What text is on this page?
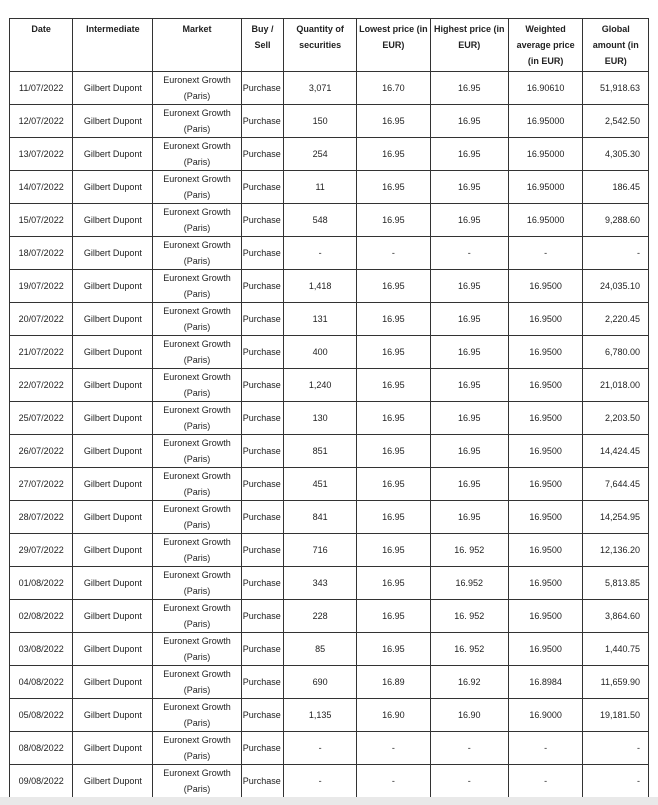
Date	Intermediate	Market	Buy / Sell	Quantity of securities	Lowest price (in EUR)	Highest price (in EUR)	Weighted average price (in EUR)	Global amount (in EUR)
11/07/2022	Gilbert Dupont	Euronext Growth (Paris)	Purchase	3,071	16.70	16.95	16.90610	51,918.63
12/07/2022	Gilbert Dupont	Euronext Growth (Paris)	Purchase	150	16.95	16.95	16.95000	2,542.50
13/07/2022	Gilbert Dupont	Euronext Growth (Paris)	Purchase	254	16.95	16.95	16.95000	4,305.30
14/07/2022	Gilbert Dupont	Euronext Growth (Paris)	Purchase	11	16.95	16.95	16.95000	186.45
15/07/2022	Gilbert Dupont	Euronext Growth (Paris)	Purchase	548	16.95	16.95	16.95000	9,288.60
18/07/2022	Gilbert Dupont	Euronext Growth (Paris)	Purchase	-	-	-	-	-
19/07/2022	Gilbert Dupont	Euronext Growth (Paris)	Purchase	1,418	16.95	16.95	16.9500	24,035.10
20/07/2022	Gilbert Dupont	Euronext Growth (Paris)	Purchase	131	16.95	16.95	16.9500	2,220.45
21/07/2022	Gilbert Dupont	Euronext Growth (Paris)	Purchase	400	16.95	16.95	16.9500	6,780.00
22/07/2022	Gilbert Dupont	Euronext Growth (Paris)	Purchase	1,240	16.95	16.95	16.9500	21,018.00
25/07/2022	Gilbert Dupont	Euronext Growth (Paris)	Purchase	130	16.95	16.95	16.9500	2,203.50
26/07/2022	Gilbert Dupont	Euronext Growth (Paris)	Purchase	851	16.95	16.95	16.9500	14,424.45
27/07/2022	Gilbert Dupont	Euronext Growth (Paris)	Purchase	451	16.95	16.95	16.9500	7,644.45
28/07/2022	Gilbert Dupont	Euronext Growth (Paris)	Purchase	841	16.95	16.95	16.9500	14,254.95
29/07/2022	Gilbert Dupont	Euronext Growth (Paris)	Purchase	716	16.95	16. 952	16.9500	12,136.20
01/08/2022	Gilbert Dupont	Euronext Growth (Paris)	Purchase	343	16.95	16.952	16.9500	5,813.85
02/08/2022	Gilbert Dupont	Euronext Growth (Paris)	Purchase	228	16.95	16. 952	16.9500	3,864.60
03/08/2022	Gilbert Dupont	Euronext Growth (Paris)	Purchase	85	16.95	16. 952	16.9500	1,440.75
04/08/2022	Gilbert Dupont	Euronext Growth (Paris)	Purchase	690	16.89	16.92	16.8984	11,659.90
05/08/2022	Gilbert Dupont	Euronext Growth (Paris)	Purchase	1,135	16.90	16.90	16.9000	19,181.50
08/08/2022	Gilbert Dupont	Euronext Growth (Paris)	Purchase	-	-	-	-	-
09/08/2022	Gilbert Dupont	Euronext Growth (Paris)	Purchase	-	-	-	-	-
